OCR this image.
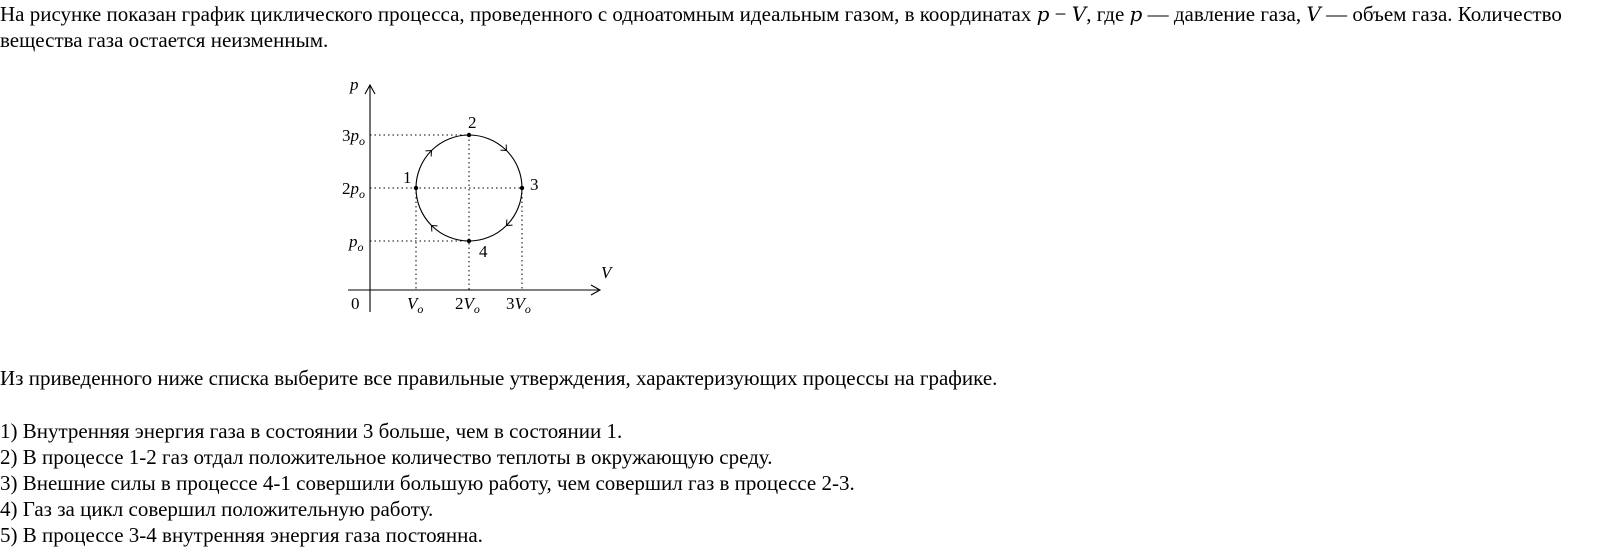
На рисунке показан график циклического процесса, проведенного с одноатомным идеальным газом, в координатах p − V, где p — давление газа, V — объем газа. Количество вещества газа остается неизменным.
1
2
3
4
p
V
0
$3p_o$
$2p_o$
$p_o$
$V_o$ $2V_o$ $3V_o$
Из приведенного ниже списка выберите все правильные утверждения, характеризующих процессы на графике.
1) Внутренняя энергия газа в состоянии 3 больше, чем в состоянии 1.
2) В процессе 1-2 газ отдал положительное количество теплоты в окружающую среду.
3) Внешние силы в процессе 4-1 совершили большую работу, чем совершил газ в процессе 2-3.
4) Газ за цикл совершил положительную работу.
5) В процессе 3-4 внутренняя энергия газа постоянна.
